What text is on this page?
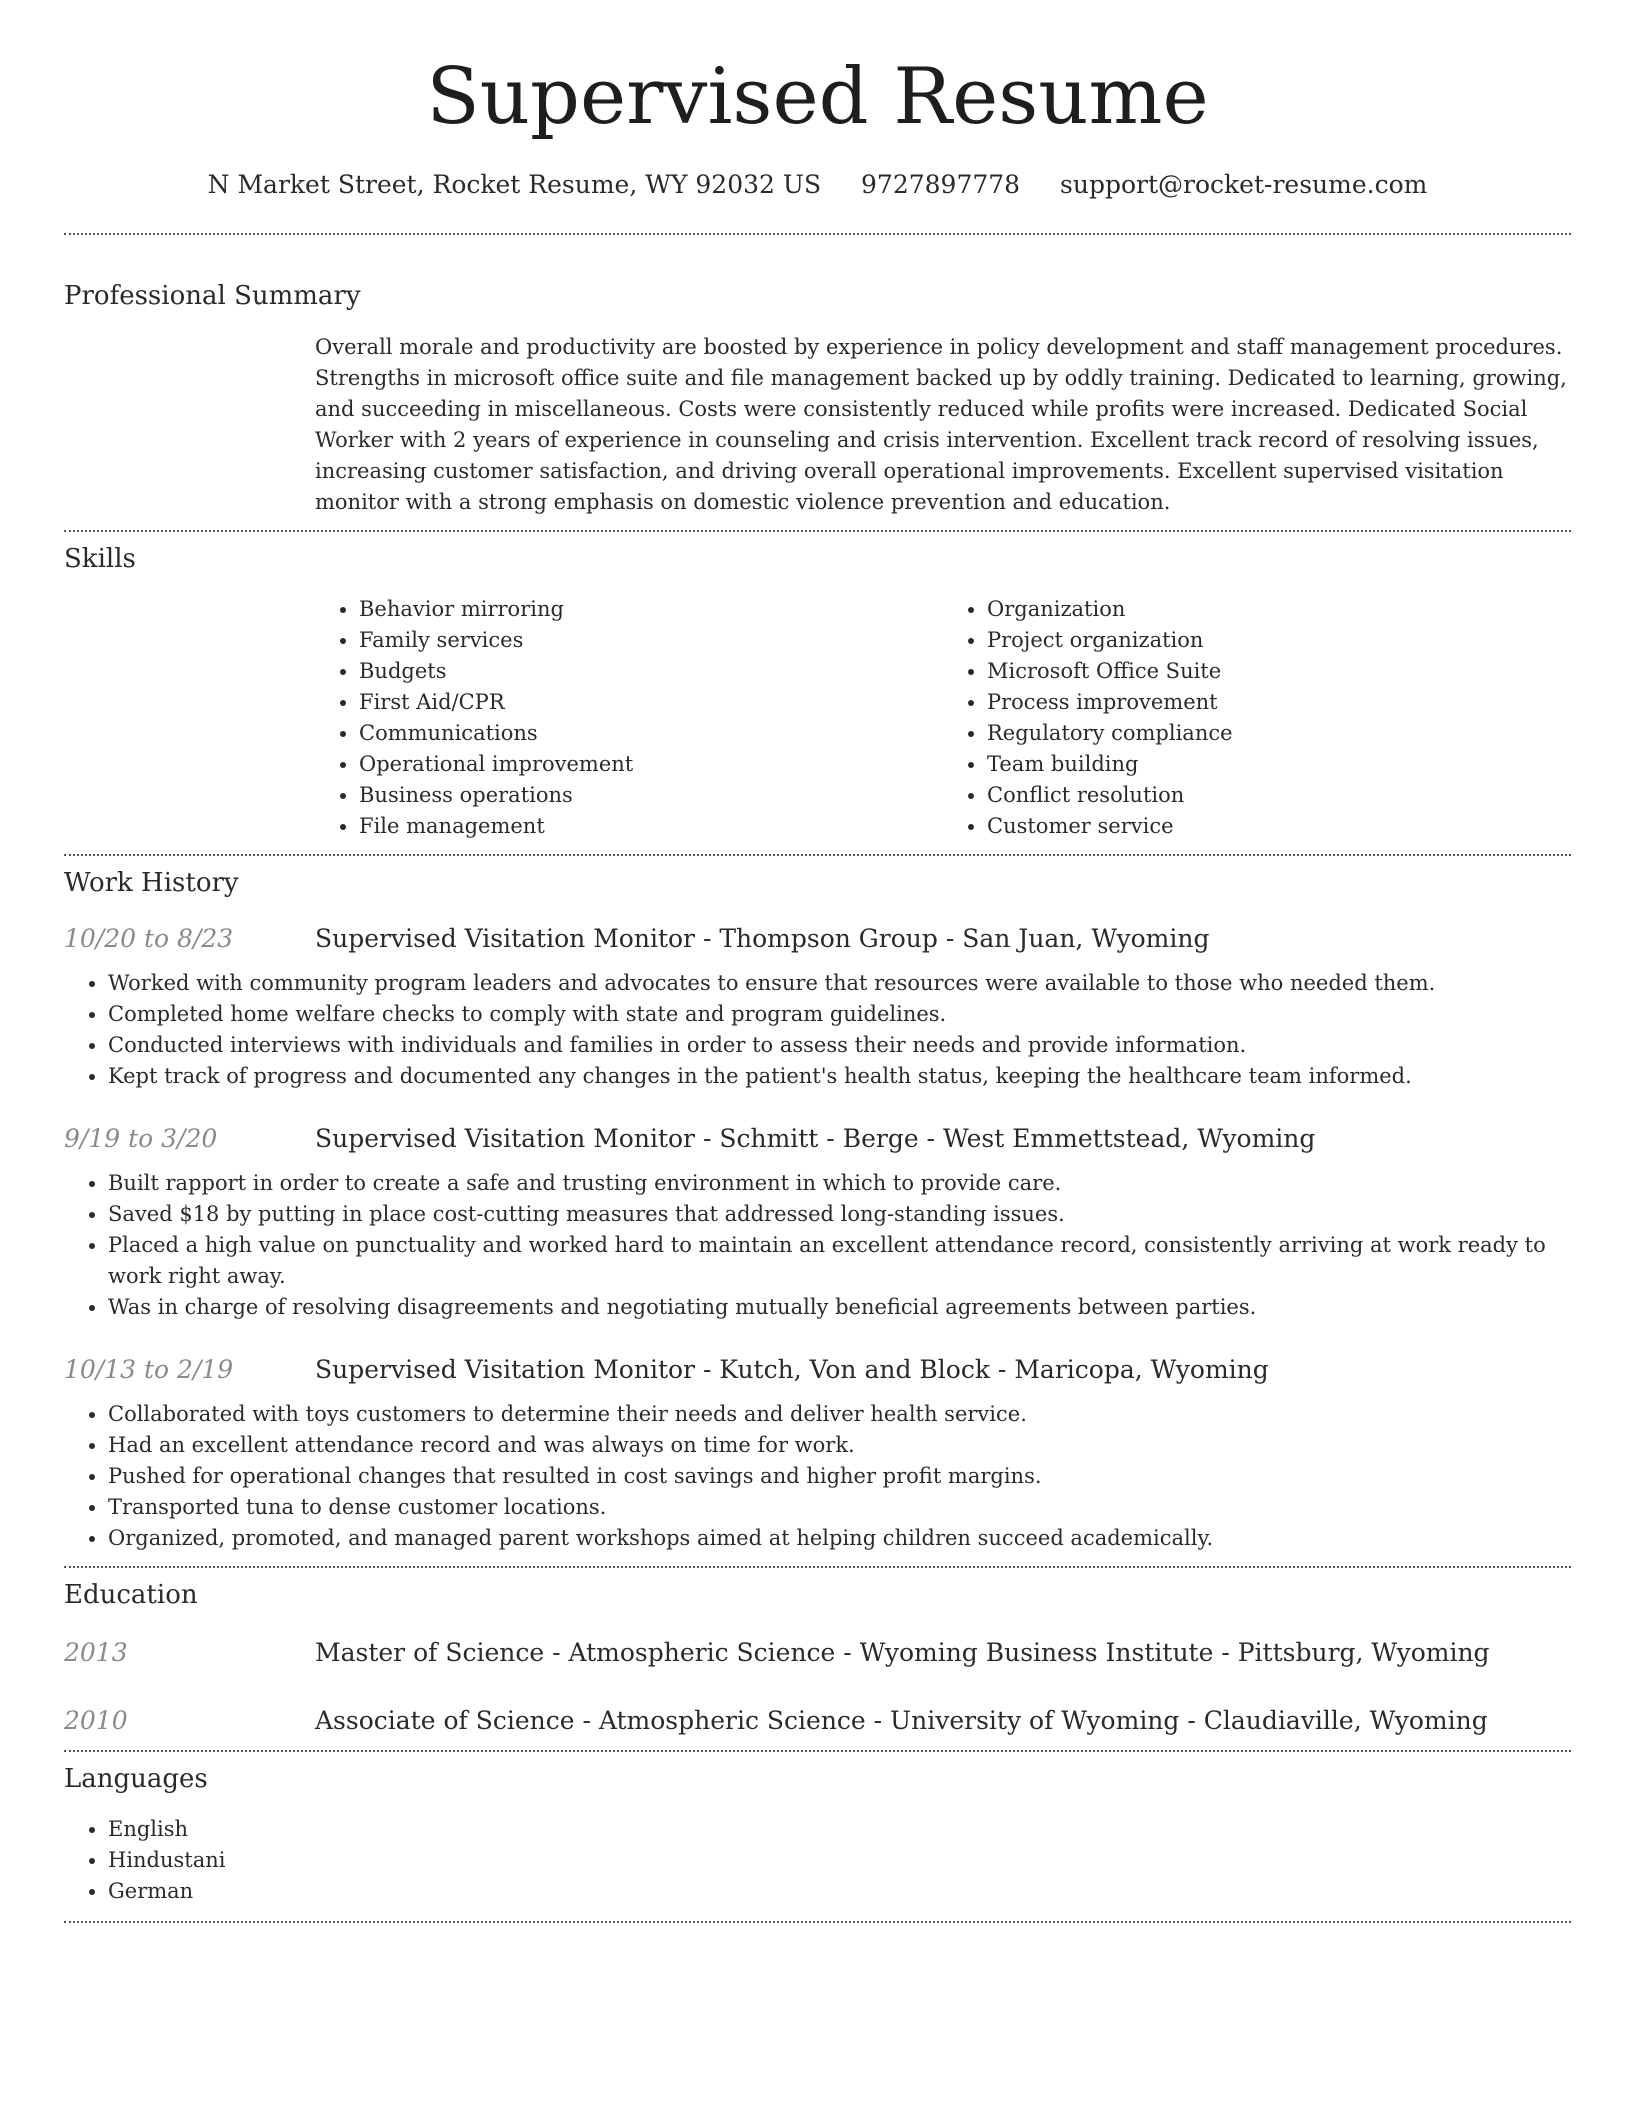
Supervised Resume
N Market Street, Rocket Resume, WY 92032 US 9727897778 support@rocket-resume.com
Professional Summary
Overall morale and productivity are boosted by experience in policy development and staff management procedures. Strengths in microsoft office suite and file management backed up by oddly training. Dedicated to learning, growing, and succeeding in miscellaneous. Costs were consistently reduced while profits were increased. Dedicated Social Worker with 2 years of experience in counseling and crisis intervention. Excellent track record of resolving issues, increasing customer satisfaction, and driving overall operational improvements. Excellent supervised visitation monitor with a strong emphasis on domestic violence prevention and education.
Skills
• Behavior mirroring
• Family services
• Budgets
• First Aid/CPR
• Communications
• Operational improvement
• Business operations
• File management
• Organization
• Project organization
• Microsoft Office Suite
• Process improvement
• Regulatory compliance
• Team building
• Conflict resolution
• Customer service
Work History
10/20 to 8/23	Supervised Visitation Monitor - Thompson Group - San Juan, Wyoming
• Worked with community program leaders and advocates to ensure that resources were available to those who needed them.
• Completed home welfare checks to comply with state and program guidelines.
• Conducted interviews with individuals and families in order to assess their needs and provide information.
• Kept track of progress and documented any changes in the patient's health status, keeping the healthcare team informed.
9/19 to 3/20	Supervised Visitation Monitor - Schmitt - Berge - West Emmettstead, Wyoming
• Built rapport in order to create a safe and trusting environment in which to provide care.
• Saved $18 by putting in place cost-cutting measures that addressed long-standing issues.
• Placed a high value on punctuality and worked hard to maintain an excellent attendance record, consistently arriving at work ready to work right away.
• Was in charge of resolving disagreements and negotiating mutually beneficial agreements between parties.
10/13 to 2/19	Supervised Visitation Monitor - Kutch, Von and Block - Maricopa, Wyoming
• Collaborated with toys customers to determine their needs and deliver health service.
• Had an excellent attendance record and was always on time for work.
• Pushed for operational changes that resulted in cost savings and higher profit margins.
• Transported tuna to dense customer locations.
• Organized, promoted, and managed parent workshops aimed at helping children succeed academically.
Education
2013	Master of Science - Atmospheric Science - Wyoming Business Institute - Pittsburg, Wyoming
2010	Associate of Science - Atmospheric Science - University of Wyoming - Claudiaville, Wyoming
Languages
• English
• Hindustani
• German
